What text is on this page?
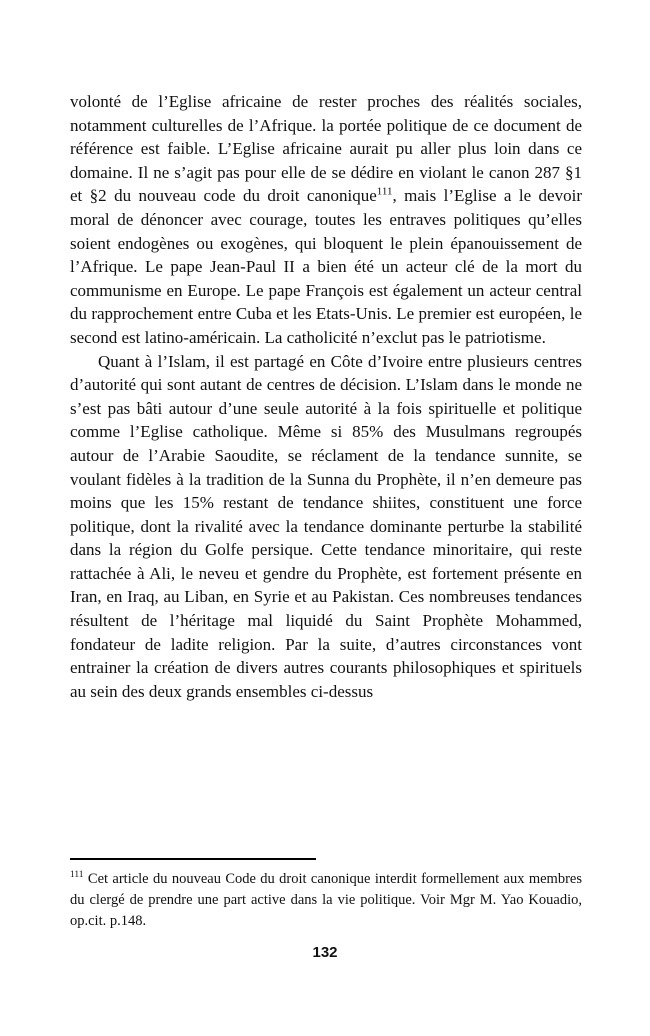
volonté de l’Eglise africaine de rester proches des réalités sociales, notamment culturelles de l’Afrique. la portée politique de ce document de référence est faible. L’Eglise africaine aurait pu aller plus loin dans ce domaine. Il ne s’agit pas pour elle de se dédire en violant le canon 287 §1 et §2 du nouveau code du droit canonique$^{111}$, mais l’Eglise a le devoir moral de dénoncer avec courage, toutes les entraves politiques qu’elles soient endogènes ou exogènes, qui bloquent le plein épanouissement de l’Afrique. Le pape Jean-Paul II a bien été un acteur clé de la mort du communisme en Europe. Le pape François est également un acteur central du rapprochement entre Cuba et les Etats-Unis. Le premier est européen, le second est latino-américain. La catholicité n’exclut pas le patriotisme.

Quant à l’Islam, il est partagé en Côte d’Ivoire entre plusieurs centres d’autorité qui sont autant de centres de décision. L’Islam dans le monde ne s’est pas bâti autour d’une seule autorité à la fois spirituelle et politique comme l’Eglise catholique. Même si 85% des Musulmans regroupés autour de l’Arabie Saoudite, se réclament de la tendance sunnite, se voulant fidèles à la tradition de la Sunna du Prophète, il n’en demeure pas moins que les 15% restant de tendance shiites, constituent une force politique, dont la rivalité avec la tendance dominante perturbe la stabilité dans la région du Golfe persique. Cette tendance minoritaire, qui reste rattachée à Ali, le neveu et gendre du Prophète, est fortement présente en Iran, en Iraq, au Liban, en Syrie et au Pakistan. Ces nombreuses tendances résultent de l’héritage mal liquidé du Saint Prophète Mohammed, fondateur de ladite religion. Par la suite, d’autres circonstances vont entrainer la création de divers autres courants philosophiques et spirituels au sein des deux grands ensembles ci-dessus

$^{111}$ Cet article du nouveau Code du droit canonique interdit formellement aux membres du clergé de prendre une part active dans la vie politique. Voir Mgr M. Yao Kouadio, op.cit. p.148.

132
